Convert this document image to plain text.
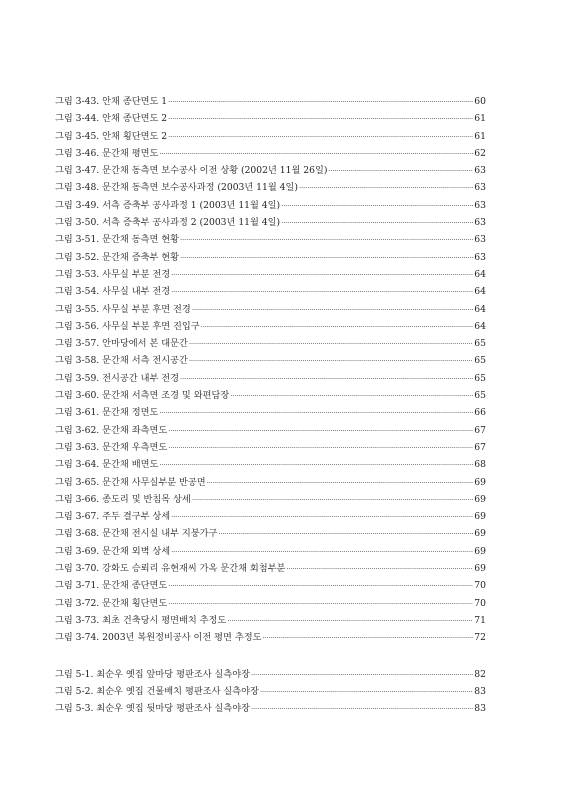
그림 3-43. 안채 종단면도 1 ·····	60
그림 3-44. 안채 종단면도 2 ·····	61
그림 3-45. 안채 횡단면도 2 ·····	61
그림 3-46. 문간채 평면도 ·····	62
그림 3-47. 문간채 동측면 보수공사 이전 상황 (2002년 11월 26일) ·····	63
그림 3-48. 문간채 동측면 보수공사과정 (2003년 11월 4일) ·····	63
그림 3-49. 서측 증축부 공사과정 1 (2003년 11월 4일) ·····	63
그림 3-50. 서측 증축부 공사과정 2 (2003년 11월 4일) ·····	63
그림 3-51. 문간채 동측면 현황 ·····	63
그림 3-52. 문간채 증축부 현황 ·····	63
그림 3-53. 사무실 부분 전경 ·····	64
그림 3-54. 사무실 내부 전경 ·····	64
그림 3-55. 사무실 부분 후면 전경 ·····	64
그림 3-56. 사무실 부분 후면 진입구 ·····	64
그림 3-57. 안마당에서 본 대문간 ·····	65
그림 3-58. 문간채 서측 전시공간 ·····	65
그림 3-59. 전시공간 내부 전경 ·····	65
그림 3-60. 문간채 서측면 조경 및 와편담장 ·····	65
그림 3-61. 문간채 정면도 ·····	66
그림 3-62. 문간채 좌측면도 ·····	67
그림 3-63. 문간채 우측면도 ·····	67
그림 3-64. 문간채 배면도 ·····	68
그림 3-65. 문간채 사무실부분 반공면 ·····	69
그림 3-66. 종도리 및 반침목 상세 ·····	69
그림 3-67. 주두 결구부 상세 ·····	69
그림 3-68. 문간채 전시실 내부 지붕가구 ·····	69
그림 3-69. 문간채 외벽 상세 ·····	69
그림 3-70. 강화도 승뢰리 유현재씨 가옥 문간채 회첨부분 ·····	69
그림 3-71. 문간채 종단면도 ·····	70
그림 3-72. 문간채 횡단면도 ·····	70
그림 3-73. 최초 건축당시 평면배치 추정도 ·····	71
그림 3-74. 2003년 복원정비공사 이전 평면 추정도 ·····	72
그림 5-1. 최순우 옛집 앞마당 평판조사 실측야장 ·····	82
그림 5-2. 최순우 옛집 건물배치 평판조사 실측야장 ·····	83
그림 5-3. 최순우 옛집 뒷마당 평판조사 실측야장 ·····	83
